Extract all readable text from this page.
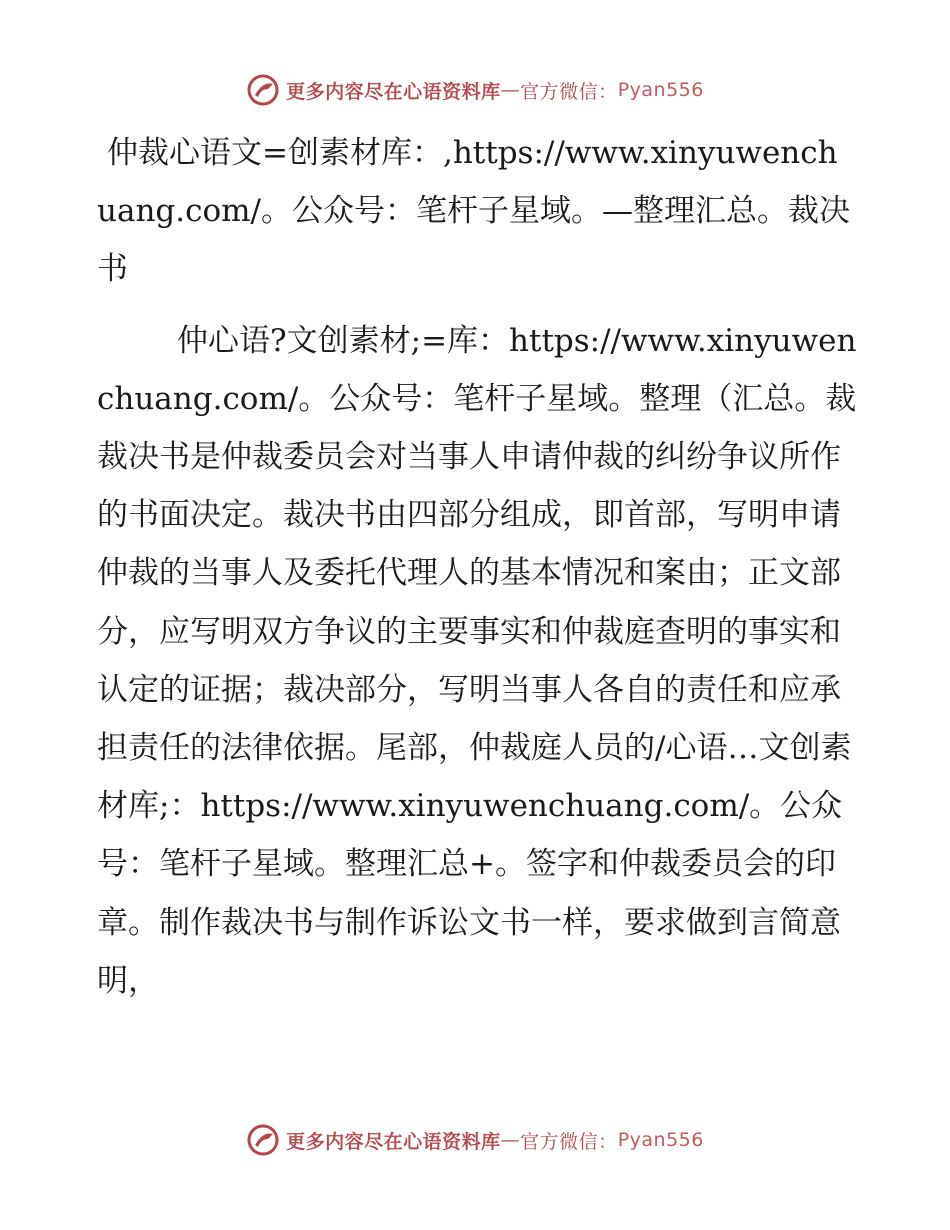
更多内容尽在心语资料库 — 官方微信： Pyan556

仲裁心语文=创素材库：,https://www.xinyuwenchuang.com/。公众号：笔杆子星域。—整理汇总。裁决书

仲心语?文创素材;=库：https://www.xinyuwenchuang.com/。公众号：笔杆子星域。整理（汇总。裁裁决书是仲裁委员会对当事人申请仲裁的纠纷争议所作的书面决定。裁决书由四部分组成，即首部，写明申请仲裁的当事人及委托代理人的基本情况和案由；正文部分，应写明双方争议的主要事实和仲裁庭查明的事实和认定的证据；裁决部分，写明当事人各自的责任和应承担责任的法律依据。尾部，仲裁庭人员的/心语…文创素材库;：https://www.xinyuwenchuang.com/。公众号：笔杆子星域。整理汇总+。签字和仲裁委员会的印章。制作裁决书与制作诉讼文书一样，要求做到言简意明，

更多内容尽在心语资料库 — 官方微信： Pyan556
